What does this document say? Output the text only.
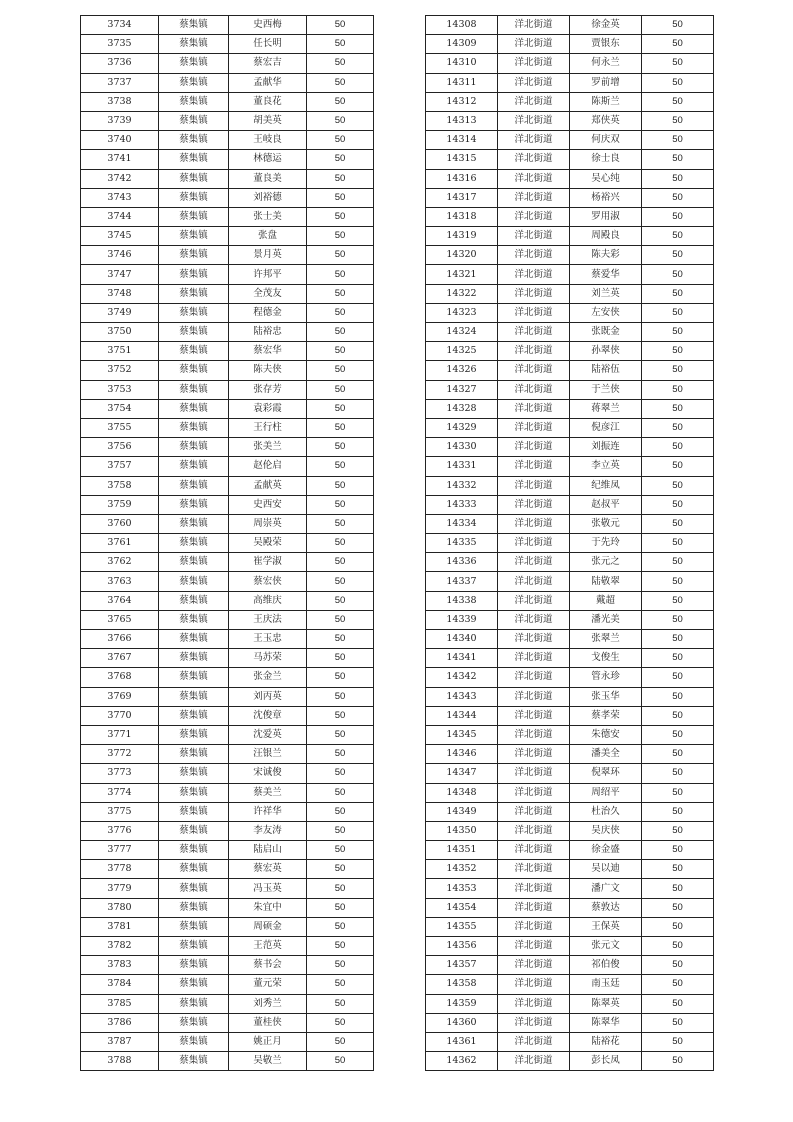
3734	蔡集镇	史西梅	50
3735	蔡集镇	任长明	50
3736	蔡集镇	蔡宏吉	50
3737	蔡集镇	孟献华	50
3738	蔡集镇	董良花	50
3739	蔡集镇	胡美英	50
3740	蔡集镇	王岐良	50
3741	蔡集镇	林德运	50
3742	蔡集镇	董良美	50
3743	蔡集镇	刘裕德	50
3744	蔡集镇	张士美	50
3745	蔡集镇	张盘	50
3746	蔡集镇	景月英	50
3747	蔡集镇	许邦平	50
3748	蔡集镇	全茂友	50
3749	蔡集镇	程德金	50
3750	蔡集镇	陆裕忠	50
3751	蔡集镇	蔡宏华	50
3752	蔡集镇	陈夫侠	50
3753	蔡集镇	张存芳	50
3754	蔡集镇	袁彩霞	50
3755	蔡集镇	王行柱	50
3756	蔡集镇	张美兰	50
3757	蔡集镇	赵伦启	50
3758	蔡集镇	孟献英	50
3759	蔡集镇	史西安	50
3760	蔡集镇	周崇英	50
3761	蔡集镇	吴殿荣	50
3762	蔡集镇	崔学淑	50
3763	蔡集镇	蔡宏侠	50
3764	蔡集镇	高维庆	50
3765	蔡集镇	王庆法	50
3766	蔡集镇	王玉忠	50
3767	蔡集镇	马苏荣	50
3768	蔡集镇	张金兰	50
3769	蔡集镇	刘丙英	50
3770	蔡集镇	沈俊章	50
3771	蔡集镇	沈爱英	50
3772	蔡集镇	汪银兰	50
3773	蔡集镇	宋诚俊	50
3774	蔡集镇	蔡美兰	50
3775	蔡集镇	许祥华	50
3776	蔡集镇	李友涛	50
3777	蔡集镇	陆启山	50
3778	蔡集镇	蔡宏英	50
3779	蔡集镇	冯玉英	50
3780	蔡集镇	朱宜中	50
3781	蔡集镇	周硕金	50
3782	蔡集镇	王范英	50
3783	蔡集镇	蔡书会	50
3784	蔡集镇	董元荣	50
3785	蔡集镇	刘秀兰	50
3786	蔡集镇	董桂侠	50
3787	蔡集镇	姚正月	50
3788	蔡集镇	吴敬兰	50
14308	洋北街道	徐金英	50
14309	洋北街道	贾银东	50
14310	洋北街道	何永兰	50
14311	洋北街道	罗前增	50
14312	洋北街道	陈斯兰	50
14313	洋北街道	郑侠英	50
14314	洋北街道	何庆双	50
14315	洋北街道	徐士良	50
14316	洋北街道	吴心纯	50
14317	洋北街道	杨裕兴	50
14318	洋北街道	罗用淑	50
14319	洋北街道	周殿良	50
14320	洋北街道	陈夫彩	50
14321	洋北街道	蔡爱华	50
14322	洋北街道	刘兰英	50
14323	洋北街道	左安侠	50
14324	洋北街道	张既金	50
14325	洋北街道	孙翠侠	50
14326	洋北街道	陆裕伍	50
14327	洋北街道	于兰侠	50
14328	洋北街道	蒋翠兰	50
14329	洋北街道	倪彦江	50
14330	洋北街道	刘振连	50
14331	洋北街道	李立英	50
14332	洋北街道	纪维凤	50
14333	洋北街道	赵叔平	50
14334	洋北街道	张敬元	50
14335	洋北街道	于先玲	50
14336	洋北街道	张元之	50
14337	洋北街道	陆敬翠	50
14338	洋北街道	戴超	50
14339	洋北街道	潘光美	50
14340	洋北街道	张翠兰	50
14341	洋北街道	戈俊生	50
14342	洋北街道	管永珍	50
14343	洋北街道	张玉华	50
14344	洋北街道	蔡孝荣	50
14345	洋北街道	朱德安	50
14346	洋北街道	潘美全	50
14347	洋北街道	倪翠环	50
14348	洋北街道	周绍平	50
14349	洋北街道	杜治久	50
14350	洋北街道	吴庆侠	50
14351	洋北街道	徐金盛	50
14352	洋北街道	吴以迪	50
14353	洋北街道	潘广文	50
14354	洋北街道	蔡敦达	50
14355	洋北街道	王保英	50
14356	洋北街道	张元文	50
14357	洋北街道	祁伯俊	50
14358	洋北街道	南玉廷	50
14359	洋北街道	陈翠英	50
14360	洋北街道	陈翠华	50
14361	洋北街道	陆裕花	50
14362	洋北街道	彭长凤	50
